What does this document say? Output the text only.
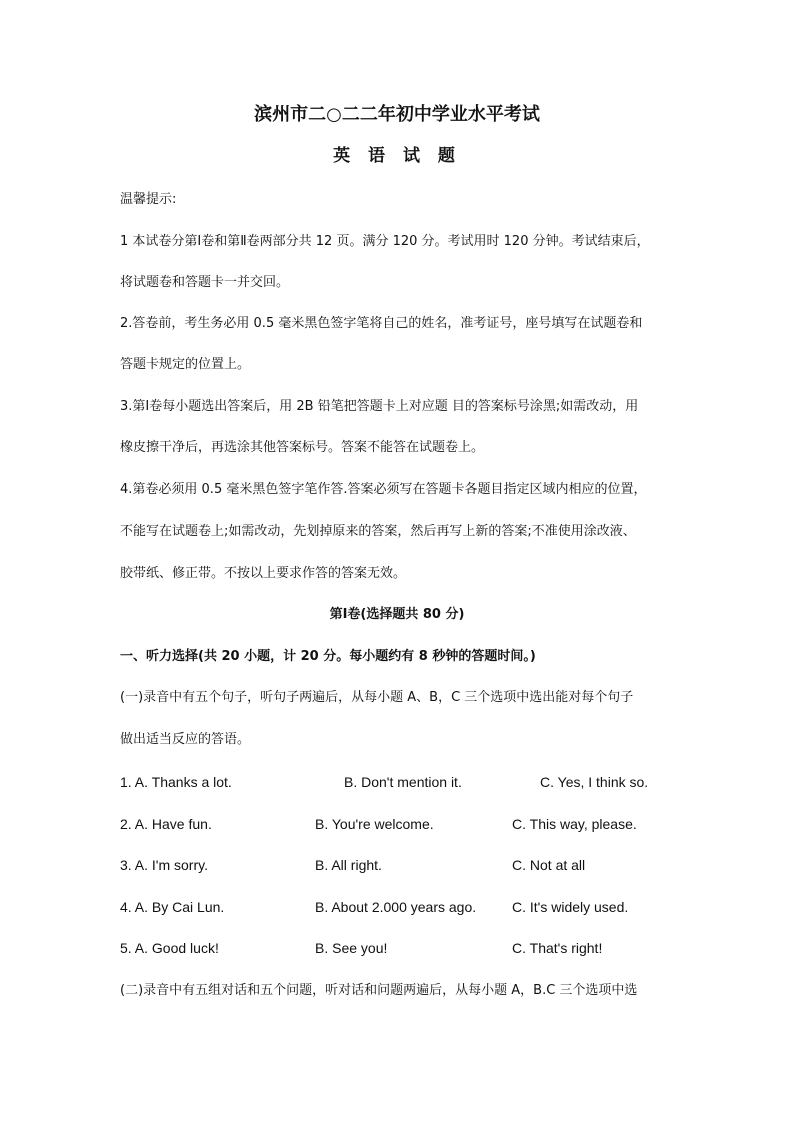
滨州市二○二二年初中学业水平考试
英 语 试 题
温馨提示:
1 本试卷分第Ⅰ卷和第Ⅱ卷两部分共 12 页。满分 120 分。考试用时 120 分钟。考试结束后，
将试题卷和答题卡一并交回。
2.答卷前，考生务必用 0.5 毫米黑色签字笔将自己的姓名，准考证号，座号填写在试题卷和
答题卡规定的位置上。
3.第Ⅰ卷每小题选出答案后，用 2B 铅笔把答题卡上对应题 目的答案标号涂黑;如需改动，用
橡皮擦干净后，再选涂其他答案标号。答案不能答在试题卷上。
4.第卷必须用 0.5 毫米黑色签字笔作答.答案必须写在答题卡各题目指定区域内相应的位置，
不能写在试题卷上;如需改动，先划掉原来的答案，然后再写上新的答案;不准使用涂改液、
胶带纸、修正带。不按以上要求作答的答案无效。
第Ⅰ卷(选择题共 80 分)
一、听力选择(共 20 小题，计 20 分。每小题约有 8 秒钟的答题时间。)
(一)录音中有五个句子，听句子两遍后，从每小题 A、B，C 三个选项中选出能对每个句子
做出适当反应的答语。
1. A. Thanks a lot.	B. Don't mention it.	C. Yes, I think so.
2. A. Have fun.	B. You're welcome.	C. This way, please.
3. A. I'm sorry.	B. All right.	C. Not at all
4. A. By Cai Lun.	B. About 2.000 years ago.	C. It's widely used.
5. A. Good luck!	B. See you!	C. That's right!
(二)录音中有五组对话和五个问题，听对话和问题两遍后，从每小题 A，B.C 三个选项中选
